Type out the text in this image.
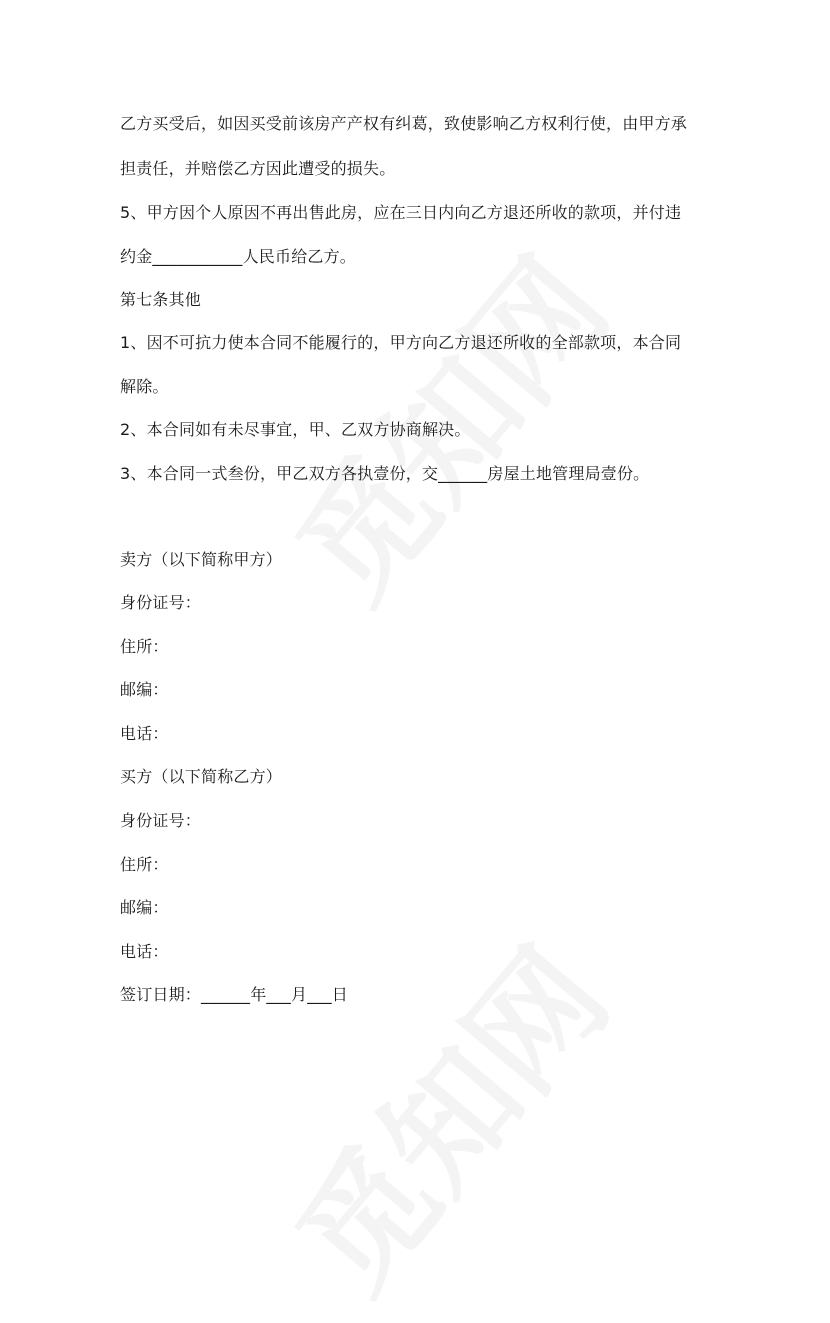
乙方买受后，如因买受前该房产产权有纠葛，致使影响乙方权利行使，由甲方承
担责任，并赔偿乙方因此遭受的损失。
5、甲方因个人原因不再出售此房，应在三日内向乙方退还所收的款项，并付违
约金___________人民币给乙方。
第七条其他
1、因不可抗力使本合同不能履行的，甲方向乙方退还所收的全部款项，本合同
解除。
2、本合同如有未尽事宜，甲、乙双方协商解决。
3、本合同一式叁份，甲乙双方各执壹份，交______房屋土地管理局壹份。
卖方（以下简称甲方）
身份证号：
住所：
邮编：
电话：
买方（以下简称乙方）
身份证号：
住所：
邮编：
电话：
签订日期：______年___月___日
